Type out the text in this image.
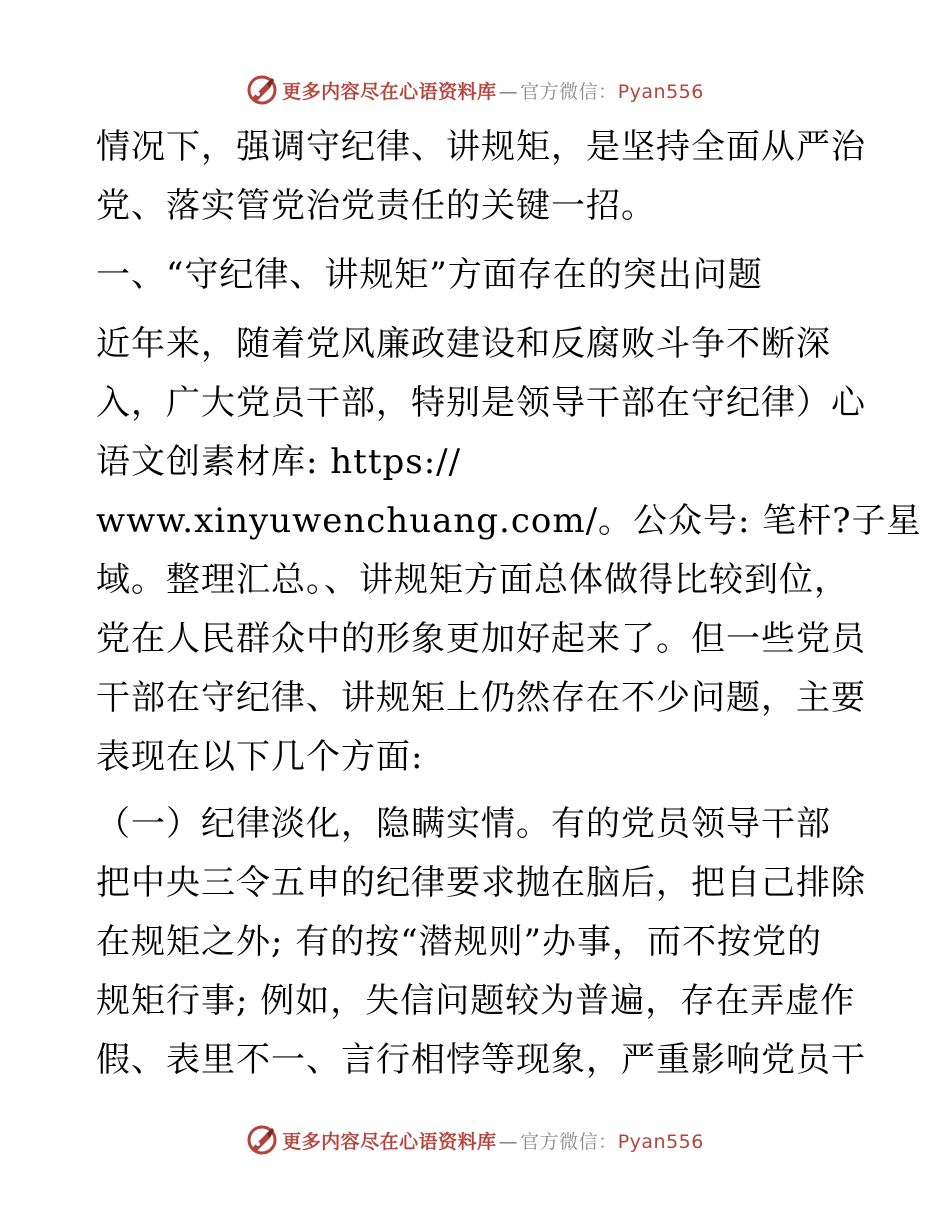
更多内容尽在心语资料库 — 官方微信：Pyan556
情况下，强调守纪律、讲规矩，是坚持全面从严治
党、落实管党治党责任的关键一招。
一、“守纪律、讲规矩”方面存在的突出问题
近年来，随着党风廉政建设和反腐败斗争不断深
入，广大党员干部，特别是领导干部在守纪律）心
语文创素材库: https://
www.xinyuwenchuang.com/。公众号: 笔杆?子星
域。整理汇总。、讲规矩方面总体做得比较到位，
党在人民群众中的形象更加好起来了。但一些党员
干部在守纪律、讲规矩上仍然存在不少问题，主要
表现在以下几个方面:
（一）纪律淡化，隐瞒实情。有的党员领导干部
把中央三令五申的纪律要求抛在脑后，把自己排除
在规矩之外; 有的按“潜规则”办事，而不按党的
规矩行事; 例如，失信问题较为普遍，存在弄虚作
假、表里不一、言行相悖等现象，严重影响党员干
更多内容尽在心语资料库 — 官方微信：Pyan556
